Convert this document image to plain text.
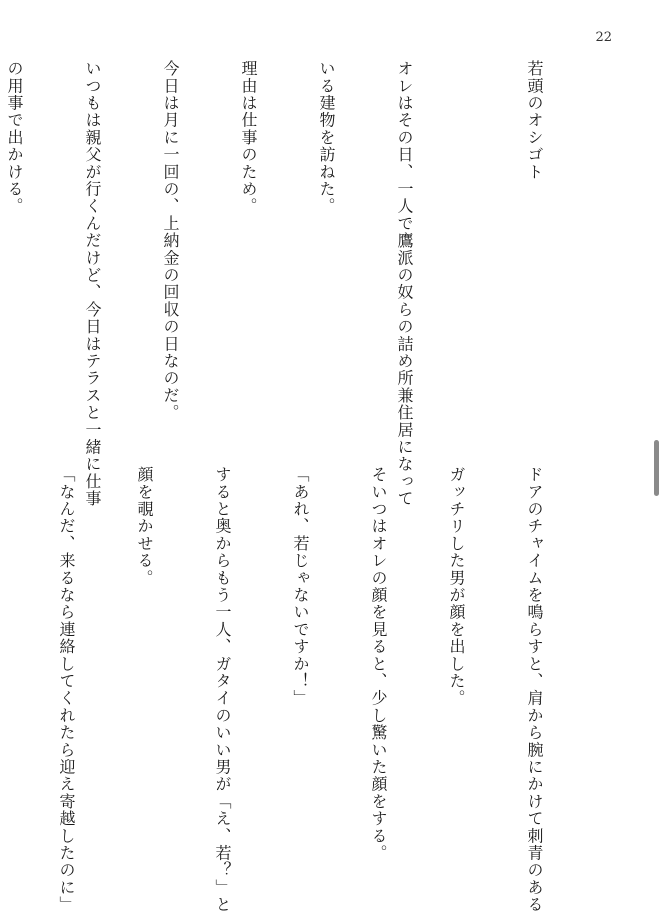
22

若頭のオシゴト

オレはその日、一人で鷹派の奴らの詰め所兼住居になって

いる建物を訪ねた。

理由は仕事のため。

今日は月に一回の、上納金の回収の日なのだ。

いつもは親父が行くんだけど、今日はテラスと一緒に仕事

の用事で出かける。

ドアのチャイムを鳴らすと、肩から腕にかけて刺青のある

ガッチリした男が顔を出した。

そいつはオレの顔を見ると、少し驚いた顔をする。

「あれ、若じゃないですか！」

すると奥からもう一人、ガタイのいい男が「え、若？」と

顔を覗かせる。

「なんだ、来るなら連絡してくれたら迎え寄越したのに」
